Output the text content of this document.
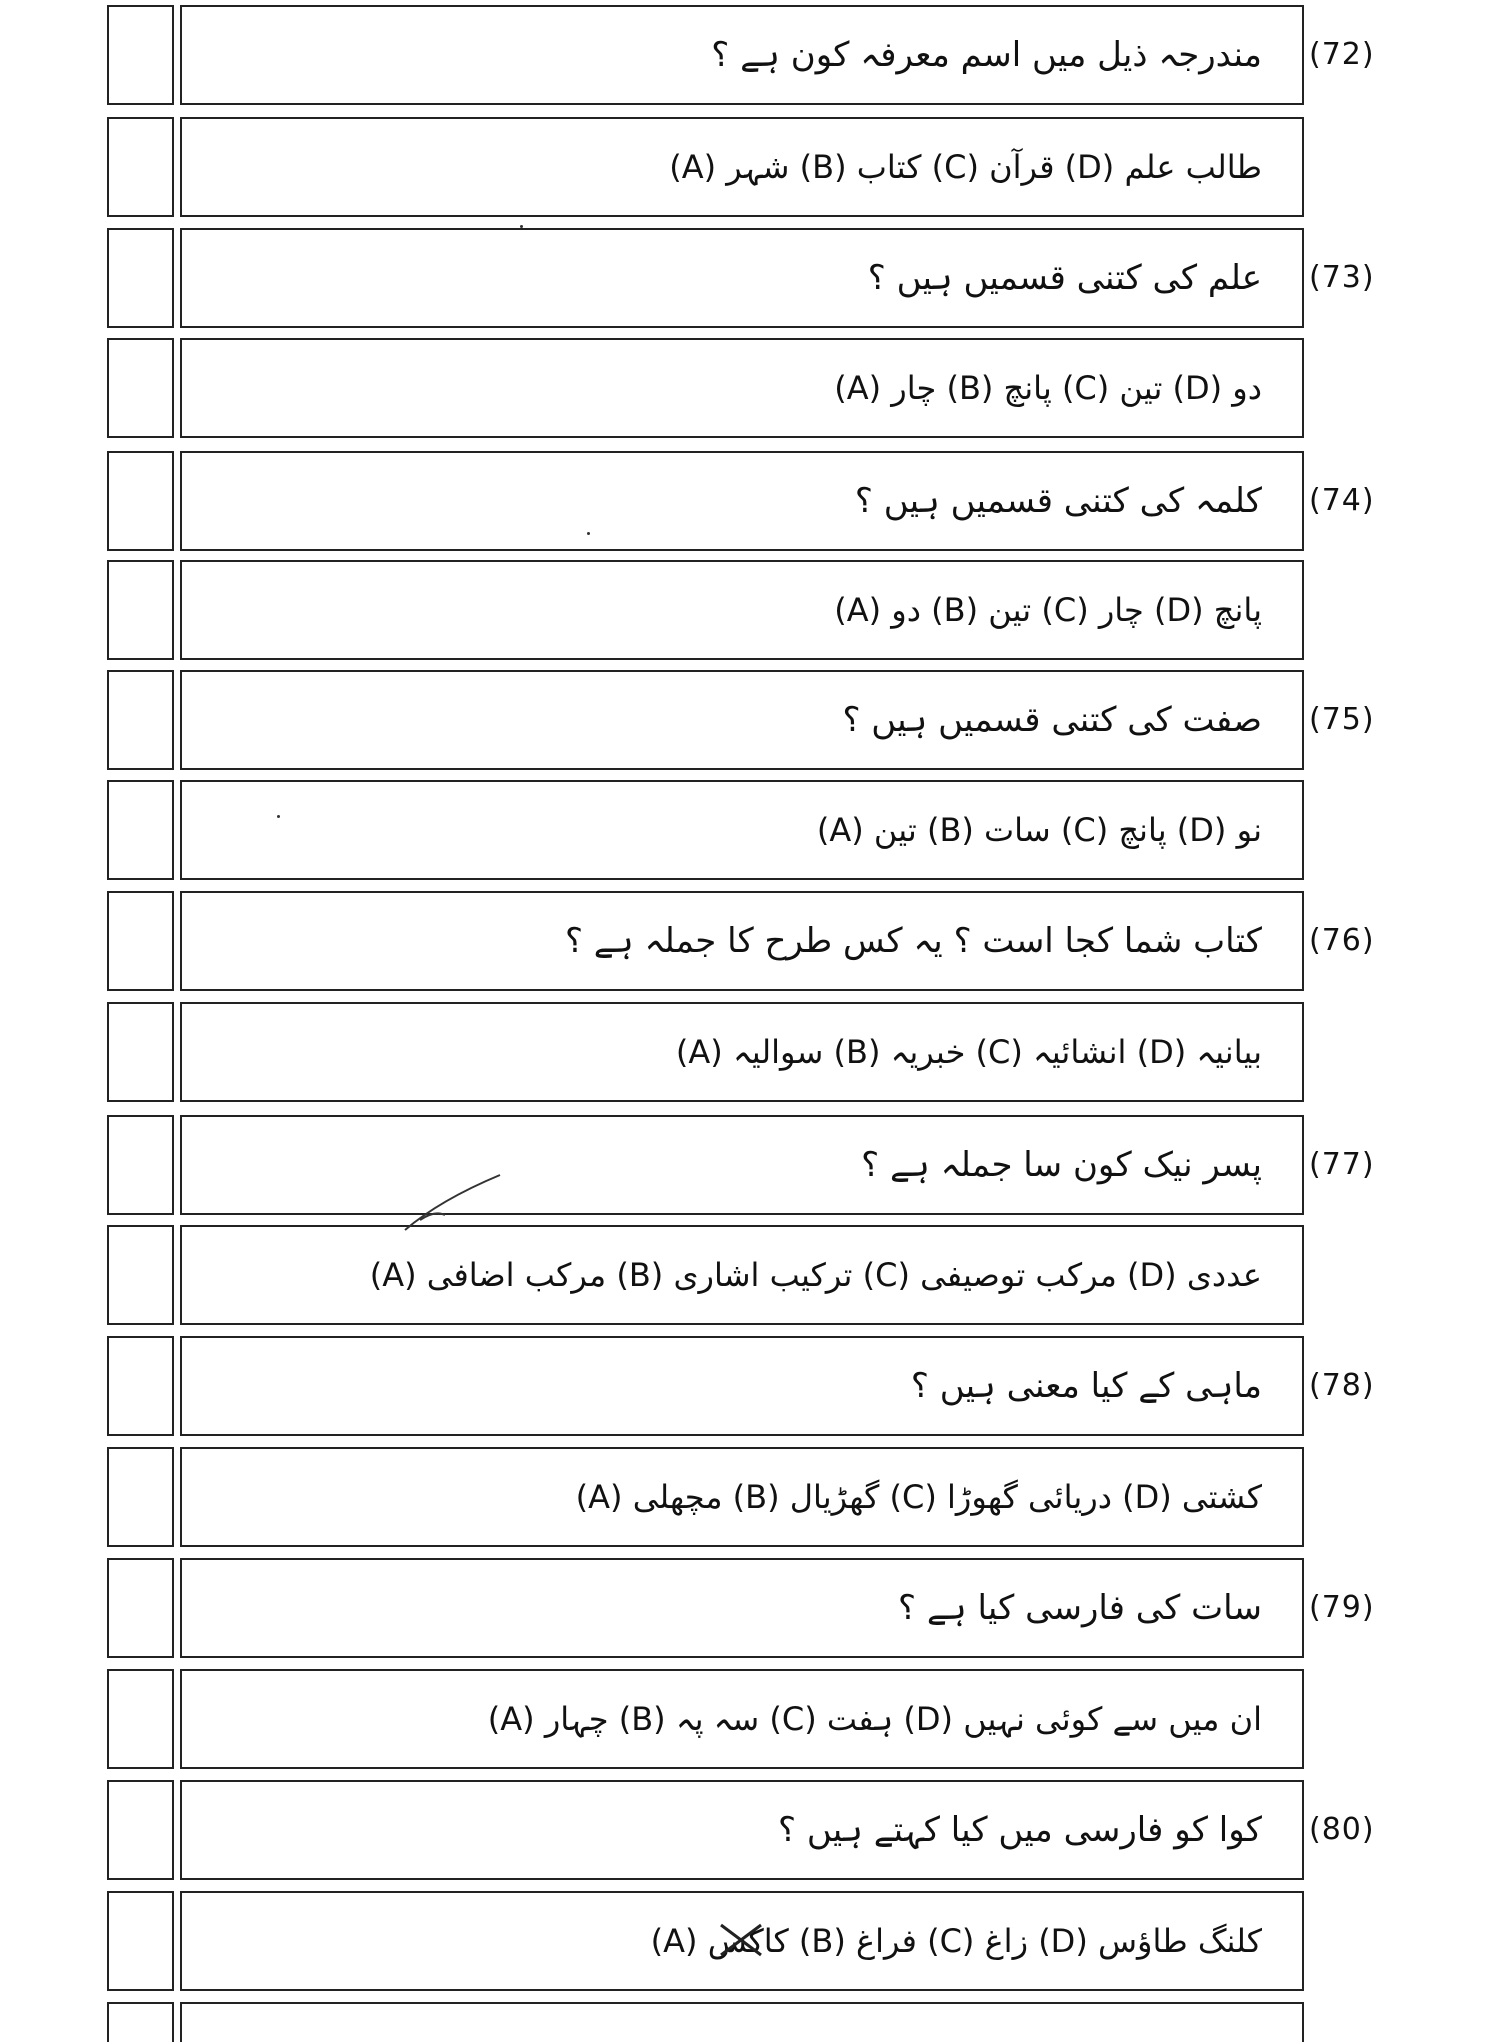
مندرجہ ذیل میں اسم معرفہ کون ہے ؟ (72)
(A) شہر (B) کتاب (C) قرآن (D) طالب علم
علم کی کتنی قسمیں ہیں ؟ (73)
(A) چار (B) پانچ (C) تین (D) دو
کلمہ کی کتنی قسمیں ہیں ؟ (74)
(A) دو (B) تین (C) چار (D) پانچ
صفت کی کتنی قسمیں ہیں ؟ (75)
(A) تین (B) سات (C) پانچ (D) نو
کتاب شما کجا است ؟ یہ کس طرح کا جملہ ہے ؟ (76)
(A) سوالیہ (B) خبریہ (C) انشائیہ (D) بیانیہ
پسر نیک کون سا جملہ ہے ؟ (77)
(A) مرکب اضافی (B) ترکیب اشاری (C) مرکب توصیفی (D) عددی
ماہی کے کیا معنی ہیں ؟ (78)
(A) مچھلی (B) گھڑیال (C) دریائی گھوڑا (D) کشتی
سات کی فارسی کیا ہے ؟ (79)
(A) چہار (B) سہ پہ (C) ہفت (D) ان میں سے کوئی نہیں
کوا کو فارسی میں کیا کہتے ہیں ؟ (80)
(A) کاکس (B) فراغ (C) زاغ (D) کلنگ طاؤس
